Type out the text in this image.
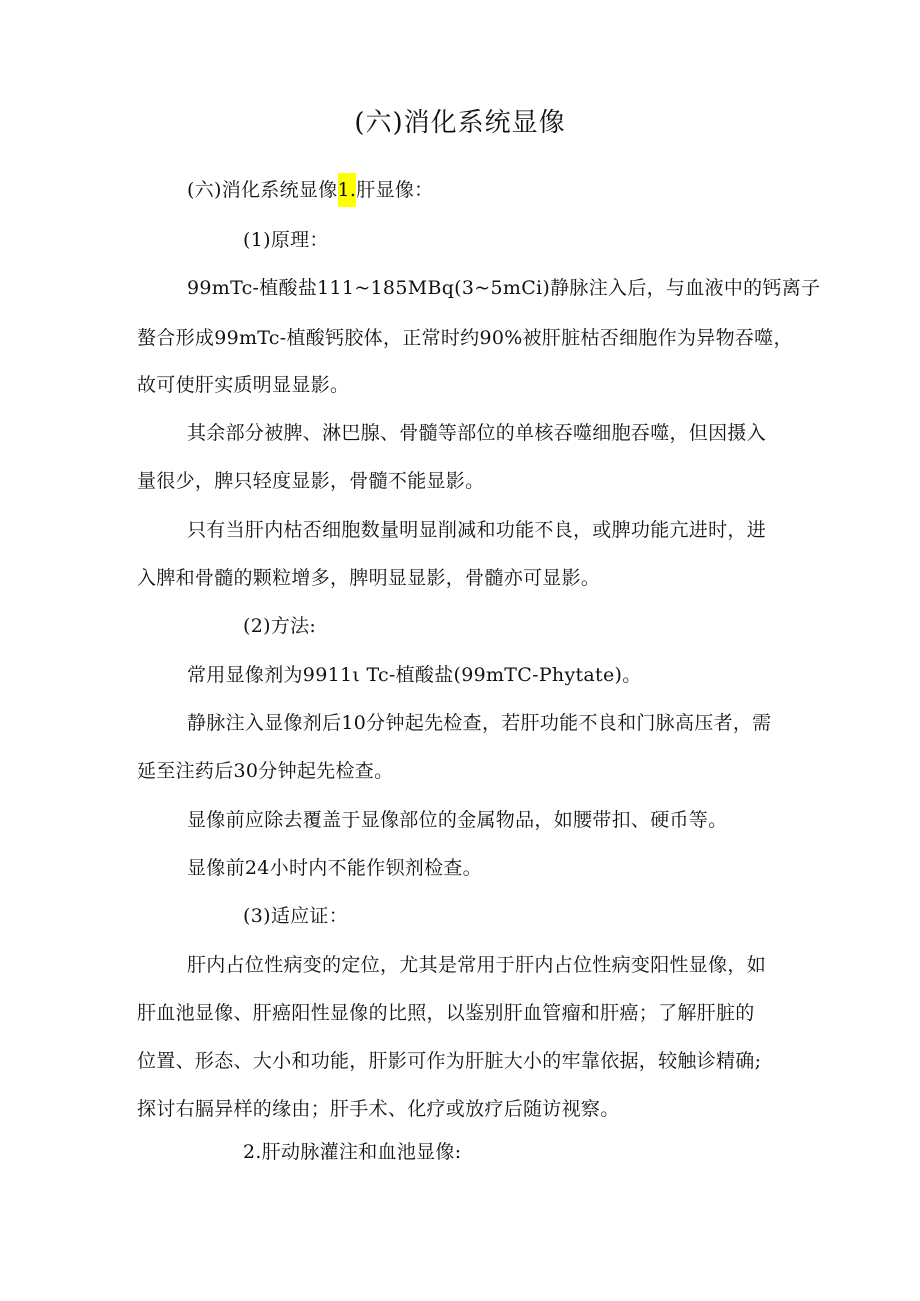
(六)消化系统显像
(六)消化系统显像1.肝显像：
(1)原理：
99mTc-植酸盐111~185MBq(3~5mCi)静脉注入后，与血液中的钙离子
螯合形成99mTc-植酸钙胶体，正常时约90%被肝脏枯否细胞作为异物吞噬，
故可使肝实质明显显影。
其余部分被脾、淋巴腺、骨髓等部位的单核吞噬细胞吞噬，但因摄入
量很少，脾只轻度显影，骨髓不能显影。
只有当肝内枯否细胞数量明显削减和功能不良，或脾功能亢进时，进
入脾和骨髓的颗粒增多，脾明显显影，骨髓亦可显影。
(2)方法:
常用显像剂为9911ι Tc-植酸盐(99mTC-Phytate)。
静脉注入显像剂后10分钟起先检查，若肝功能不良和门脉高压者，需
延至注药后30分钟起先检查。
显像前应除去覆盖于显像部位的金属物品，如腰带扣、硬币等。
显像前24小时内不能作钡剂检查。
(3)适应证：
肝内占位性病变的定位，尤其是常用于肝内占位性病变阳性显像，如
肝血池显像、肝癌阳性显像的比照，以鉴别肝血管瘤和肝癌；了解肝脏的
位置、形态、大小和功能，肝影可作为肝脏大小的牢靠依据，较触诊精确;
探讨右膈异样的缘由；肝手术、化疗或放疗后随访视察。
2.肝动脉灌注和血池显像:
